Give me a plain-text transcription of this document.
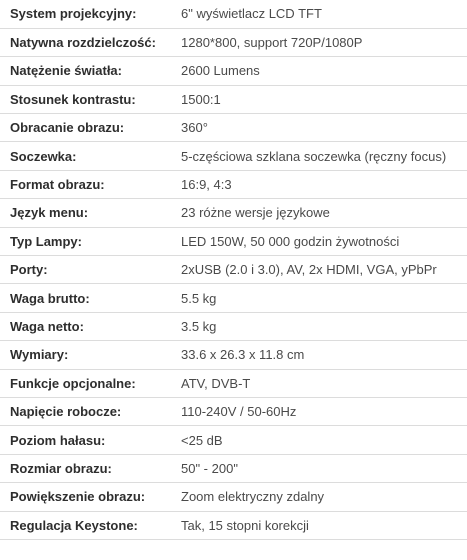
System projekcyjny:	6" wyświetlacz LCD TFT
Natywna rozdzielczość:	1280*800, support 720P/1080P
Natężenie światła:	2600 Lumens
Stosunek kontrastu:	1500:1
Obracanie obrazu:	360°
Soczewka:	5-częściowa szklana soczewka (ręczny focus)
Format obrazu:	16:9, 4:3
Język menu:	23 różne wersje językowe
Typ Lampy:	LED 150W, 50 000 godzin żywotności
Porty:	2xUSB (2.0 i 3.0), AV, 2x HDMI, VGA, yPbPr
Waga brutto:	5.5 kg
Waga netto:	3.5 kg
Wymiary:	33.6 x 26.3 x 11.8 cm
Funkcje opcjonalne:	ATV, DVB-T
Napięcie robocze:	110-240V / 50-60Hz
Poziom hałasu:	<25 dB
Rozmiar obrazu:	50" - 200"
Powiększenie obrazu:	Zoom elektryczny zdalny
Regulacja Keystone:	Tak, 15 stopni korekcji
